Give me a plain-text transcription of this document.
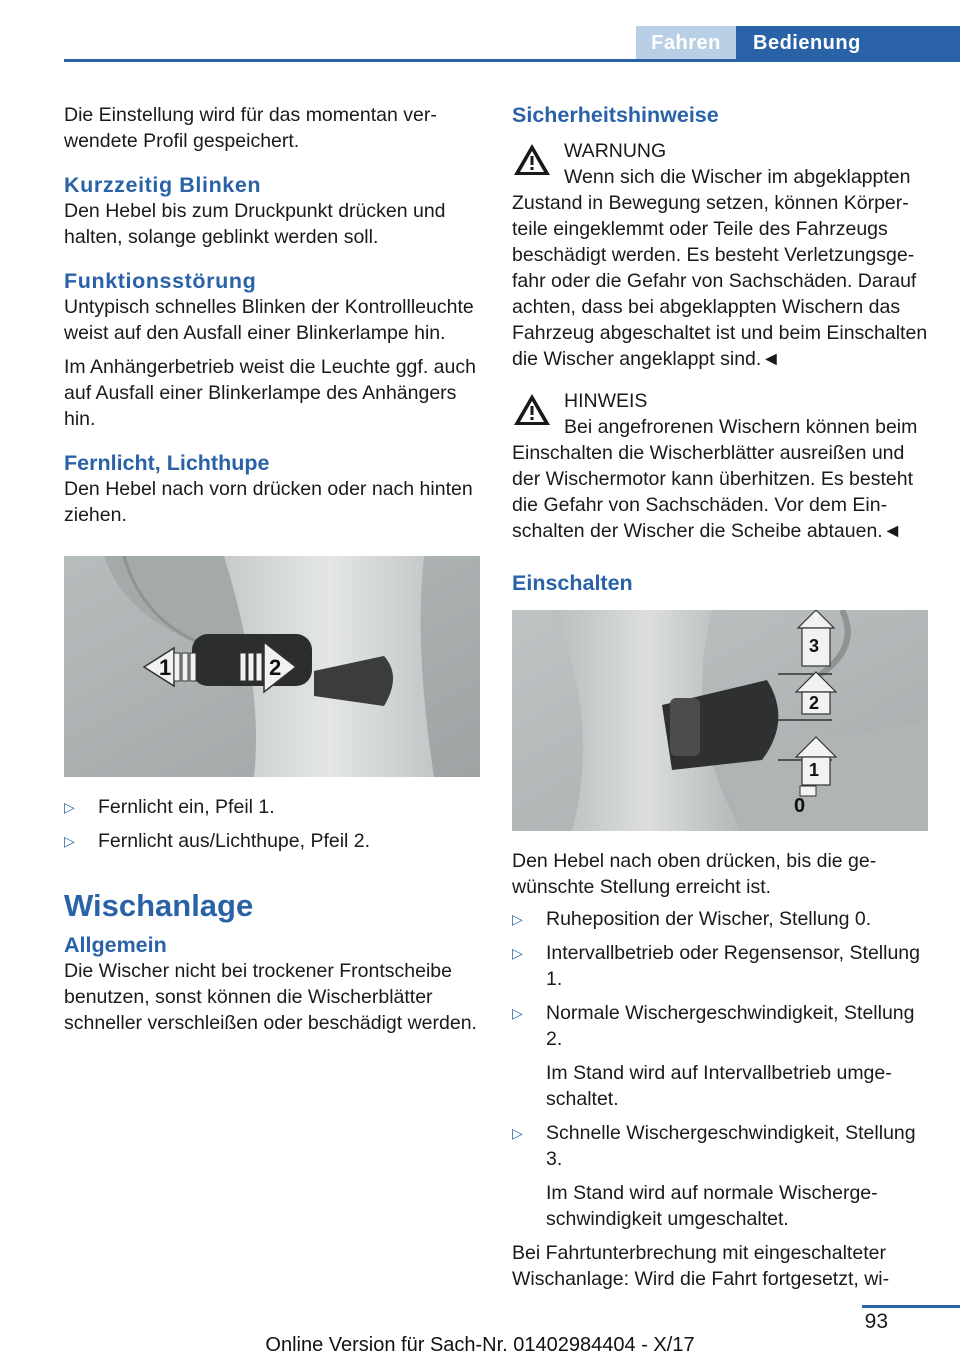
Fahren	Bedienung

Die Einstellung wird für das momentan verwendete Profil gespeichert.

Kurzzeitig Blinken

Den Hebel bis zum Druckpunkt drücken und halten, solange geblinkt werden soll.

Funktionsstörung

Untypisch schnelles Blinken der Kontrollleuchte weist auf den Ausfall einer Blinkerlampe hin.

Im Anhängerbetrieb weist die Leuchte ggf. auch auf Ausfall einer Blinkerlampe des Anhängers hin.

Fernlicht, Lichthupe

Den Hebel nach vorn drücken oder nach hinten ziehen.

1	2
▷ Fernlicht ein, Pfeil 1.
▷ Fernlicht aus/Lichthupe, Pfeil 2.
Wischanlage
Allgemein

Die Wischer nicht bei trockener Frontscheibe benutzen, sonst können die Wischerblätter schneller verschleißen oder beschädigt werden.

Sicherheitshinweise

WARNUNG

Wenn sich die Wischer im abgeklappten Zustand in Bewegung setzen, können Körperteile eingeklemmt oder Teile des Fahrzeugs beschädigt werden. Es besteht Verletzungsgefahr oder die Gefahr von Sachschäden. Darauf achten, dass bei abgeklappten Wischern das Fahrzeug abgeschaltet ist und beim Einschalten die Wischer angeklappt sind.◄

HINWEIS

Bei angefrorenen Wischern können beim Einschalten die Wischerblätter ausreißen und der Wischermotor kann überhitzen. Es besteht die Gefahr von Sachschäden. Vor dem Einschalten der Wischer die Scheibe abtauen.◄

Einschalten
3
2
1
0

Den Hebel nach oben drücken, bis die gewünschte Stellung erreicht ist.

▷ Ruheposition der Wischer, Stellung 0.
▷ Intervallbetrieb oder Regensensor, Stellung 1.
▷ Normale Wischergeschwindigkeit, Stellung 2.
Im Stand wird auf Intervallbetrieb umgeschaltet.
▷ Schnelle Wischergeschwindigkeit, Stellung 3.
Im Stand wird auf normale Wischergeschwindigkeit umgeschaltet.

Bei Fahrtunterbrechung mit eingeschalteter Wischanlage: Wird die Fahrt fortgesetzt, wi-

93
Online Version für Sach-Nr. 01402984404 - X/17
